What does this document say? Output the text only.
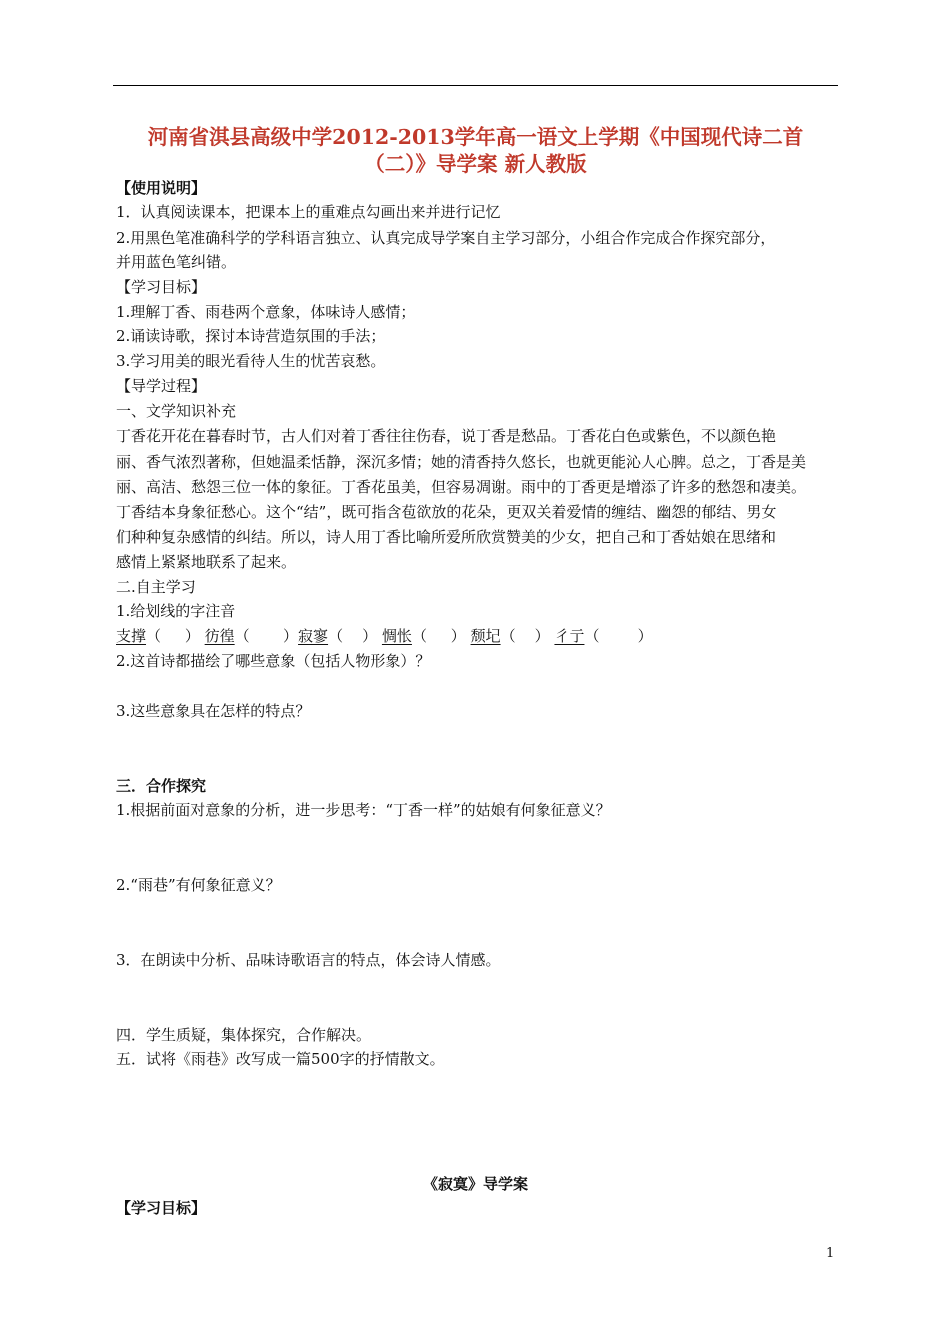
河南省淇县高级中学2012-2013学年高一语文上学期《中国现代诗二首
（二）》导学案 新人教版
【使用说明】
1．认真阅读课本，把课本上的重难点勾画出来并进行记忆
2.用黑色笔准确科学的学科语言独立、认真完成导学案自主学习部分，小组合作完成合作探究部分，
并用蓝色笔纠错。
【学习目标】
1.理解丁香、雨巷两个意象，体味诗人感情；
2.诵读诗歌，探讨本诗营造氛围的手法；
3.学习用美的眼光看待人生的忧苦哀愁。
【导学过程】
一、文学知识补充
丁香花开花在暮春时节，古人们对着丁香往往伤春，说丁香是愁品。丁香花白色或紫色，不以颜色艳
丽、香气浓烈著称，但她温柔恬静，深沉多情；她的清香持久悠长，也就更能沁人心脾。总之，丁香是美
丽、高洁、愁怨三位一体的象征。丁香花虽美，但容易凋谢。雨中的丁香更是增添了许多的愁怨和凄美。
丁香结本身象征愁心。这个“结”，既可指含苞欲放的花朵，更双关着爱情的缠结、幽怨的郁结、男女
们种种复杂感情的纠结。所以，诗人用丁香比喻所爱所欣赏赞美的少女，把自己和丁香姑娘在思绪和
感情上紧紧地联系了起来。
二.自主学习
1.给划线的字注音
支撑（     ） 彷徨（       ）寂寥（    ） 惆怅（     ） 颓圮（    ） 彳亍（        ）
2.这首诗都描绘了哪些意象（包括人物形象）？
3.这些意象具在怎样的特点？
三．合作探究
1.根据前面对意象的分析，进一步思考：“丁香一样”的姑娘有何象征意义？
2.“雨巷”有何象征意义？
3．在朗读中分析、品味诗歌语言的特点，体会诗人情感。
四．学生质疑，集体探究，合作解决。
五．试将《雨巷》改写成一篇500字的抒情散文。
《寂寞》导学案
【学习目标】
1
